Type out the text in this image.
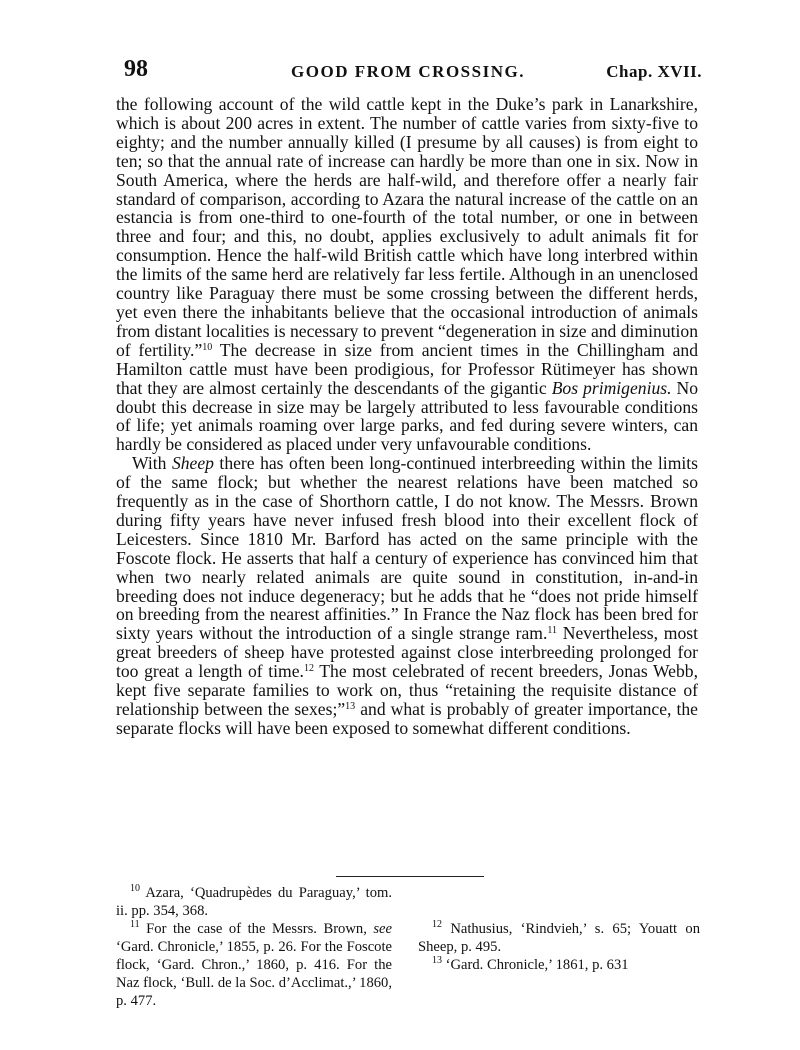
98	GOOD FROM CROSSING.	Chap. XVII.

the following account of the wild cattle kept in the Duke’s park in Lanarkshire, which is about 200 acres in extent. The number of cattle varies from sixty-five to eighty; and the number annually killed (I presume by all causes) is from eight to ten; so that the annual rate of increase can hardly be more than one in six. Now in South America, where the herds are half-wild, and therefore offer a nearly fair standard of comparison, according to Azara the natural increase of the cattle on an estancia is from one-third to one-fourth of the total number, or one in between three and four; and this, no doubt, applies exclusively to adult animals fit for consumption. Hence the half-wild British cattle which have long interbred within the limits of the same herd are relatively far less fertile. Although in an unenclosed country like Paraguay there must be some crossing between the different herds, yet even there the inhabitants believe that the occasional introduction of animals from distant localities is necessary to prevent “degeneration in size and diminution of fertility.”$^{10}$ The decrease in size from ancient times in the Chillingham and Hamilton cattle must have been prodigious, for Professor Rütimeyer has shown that they are almost certainly the descendants of the gigantic Bos primigenius. No doubt this decrease in size may be largely attributed to less favourable conditions of life; yet animals roaming over large parks, and fed during severe winters, can hardly be considered as placed under very unfavourable conditions.

With Sheep there has often been long-continued interbreeding within the limits of the same flock; but whether the nearest relations have been matched so frequently as in the case of Shorthorn cattle, I do not know. The Messrs. Brown during fifty years have never infused fresh blood into their excellent flock of Leicesters. Since 1810 Mr. Barford has acted on the same principle with the Foscote flock. He asserts that half a century of experience has convinced him that when two nearly related animals are quite sound in constitution, in-and-in breeding does not induce degeneracy; but he adds that he “does not pride himself on breeding from the nearest affinities.” In France the Naz flock has been bred for sixty years without the introduction of a single strange ram.$^{11}$ Nevertheless, most great breeders of sheep have protested against close interbreeding prolonged for too great a length of time.$^{12}$ The most celebrated of recent breeders, Jonas Webb, kept five separate families to work on, thus “retaining the requisite distance of relationship between the sexes;”$^{13}$ and what is probably of greater importance, the separate flocks will have been exposed to somewhat different conditions.

$^{10}$ Azara, ‘Quadrupèdes du Paraguay,’ tom. ii. pp. 354, 368.

$^{11}$ For the case of the Messrs. Brown, see ‘Gard. Chronicle,’ 1855, p. 26. For the Foscote flock, ‘Gard. Chron.,’ 1860, p. 416. For the Naz flock, ‘Bull. de la Soc. d’Acclimat.,’ 1860, p. 477.

$^{12}$ Nathusius, ‘Rindvieh,’ s. 65; Youatt on Sheep, p. 495.

$^{13}$ ‘Gard. Chronicle,’ 1861, p. 631
